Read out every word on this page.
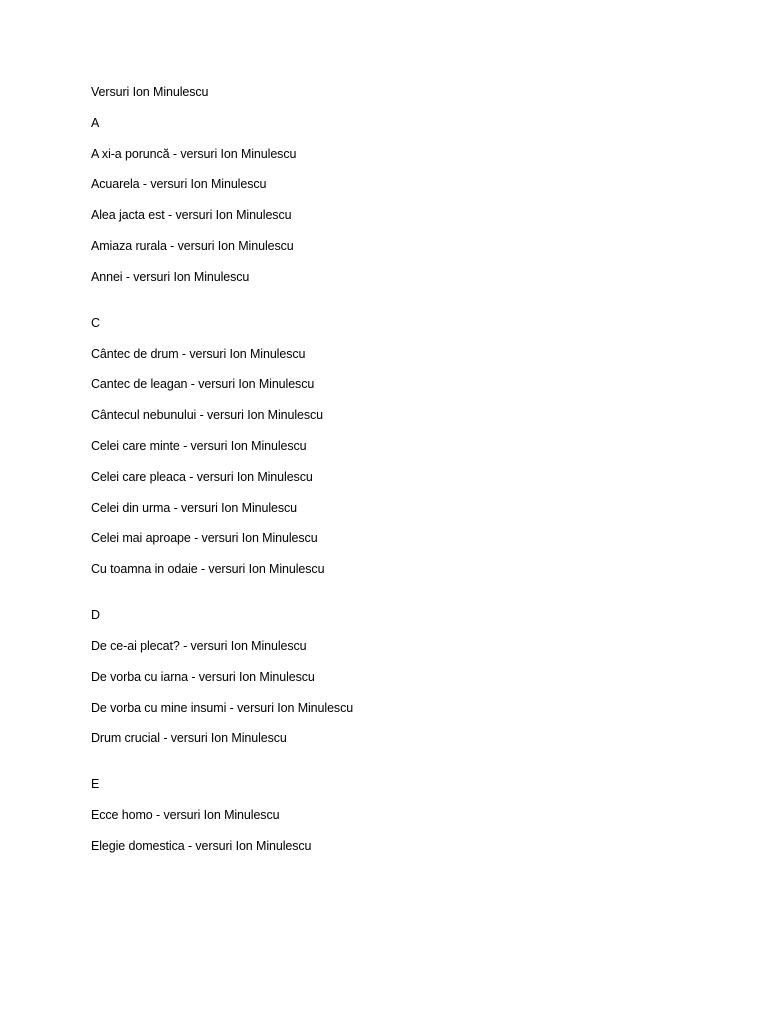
Versuri Ion Minulescu
A
A xi-a poruncă - versuri Ion Minulescu
Acuarela - versuri Ion Minulescu
Alea jacta est - versuri Ion Minulescu
Amiaza rurala - versuri Ion Minulescu
Annei - versuri Ion Minulescu
C
Cântec de drum - versuri Ion Minulescu
Cantec de leagan - versuri Ion Minulescu
Cântecul nebunului - versuri Ion Minulescu
Celei care minte - versuri Ion Minulescu
Celei care pleaca - versuri Ion Minulescu
Celei din urma - versuri Ion Minulescu
Celei mai aproape - versuri Ion Minulescu
Cu toamna in odaie - versuri Ion Minulescu
D
De ce-ai plecat? - versuri Ion Minulescu
De vorba cu iarna - versuri Ion Minulescu
De vorba cu mine insumi - versuri Ion Minulescu
Drum crucial - versuri Ion Minulescu
E
Ecce homo - versuri Ion Minulescu
Elegie domestica - versuri Ion Minulescu
